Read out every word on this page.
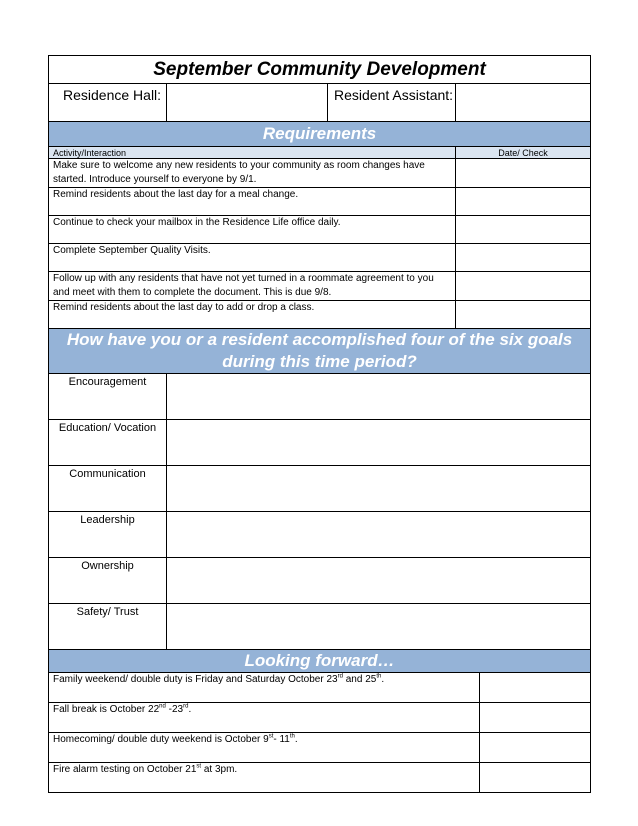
September Community Development				
Residence Hall:		Resident Assistant:		
Requirements				
Activity/Interaction			Date/ Check	
Make sure to welcome any new residents to your community as room changes have started. Introduce yourself to everyone by 9/1.				
Remind residents about the last day for a meal change.				
Continue to check your mailbox in the Residence Life office daily.				
Complete September Quality Visits.				
Follow up with any residents that have not yet turned in a roommate agreement to you and meet with them to complete the document. This is due 9/8.				
Remind residents about the last day to add or drop a class.				
How have you or a resident accomplished four of the six goals during this time period?				
Encouragement				
Education/ Vocation				
Communication				
Leadership				
Ownership				
Safety/ Trust				
Looking forward…				
Family weekend/ double duty is Friday and Saturday October 23rd and 25th.				
Fall break is October 22nd -23rd.				
Homecoming/ double duty weekend is October 9st- 11th.				
Fire alarm testing on October 21st at 3pm.				
